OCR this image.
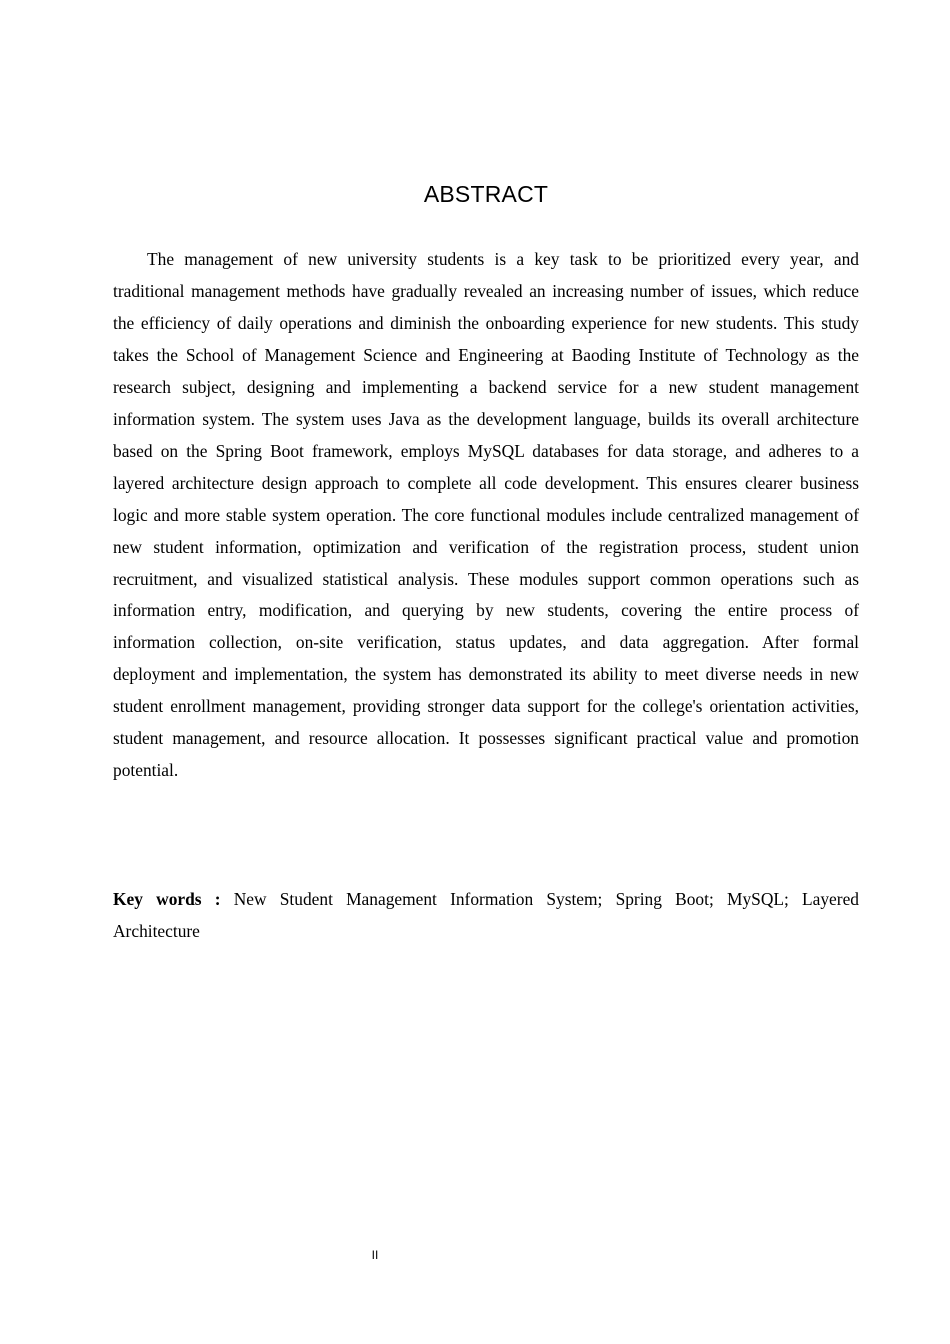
ABSTRACT

The management of new university students is a key task to be prioritized every year, and traditional management methods have gradually revealed an increasing number of issues, which reduce the efficiency of daily operations and diminish the onboarding experience for new students. This study takes the School of Management Science and Engineering at Baoding Institute of Technology as the research subject, designing and implementing a backend service for a new student management information system. The system uses Java as the development language, builds its overall architecture based on the Spring Boot framework, employs MySQL databases for data storage, and adheres to a layered architecture design approach to complete all code development. This ensures clearer business logic and more stable system operation. The core functional modules include centralized management of new student information, optimization and verification of the registration process, student union recruitment, and visualized statistical analysis. These modules support common operations such as information entry, modification, and querying by new students, covering the entire process of information collection, on-site verification, status updates, and data aggregation. After formal deployment and implementation, the system has demonstrated its ability to meet diverse needs in new student enrollment management, providing stronger data support for the college's orientation activities, student management, and resource allocation. It possesses significant practical value and promotion potential.

Key words : New Student Management Information System; Spring Boot; MySQL; Layered Architecture

II
